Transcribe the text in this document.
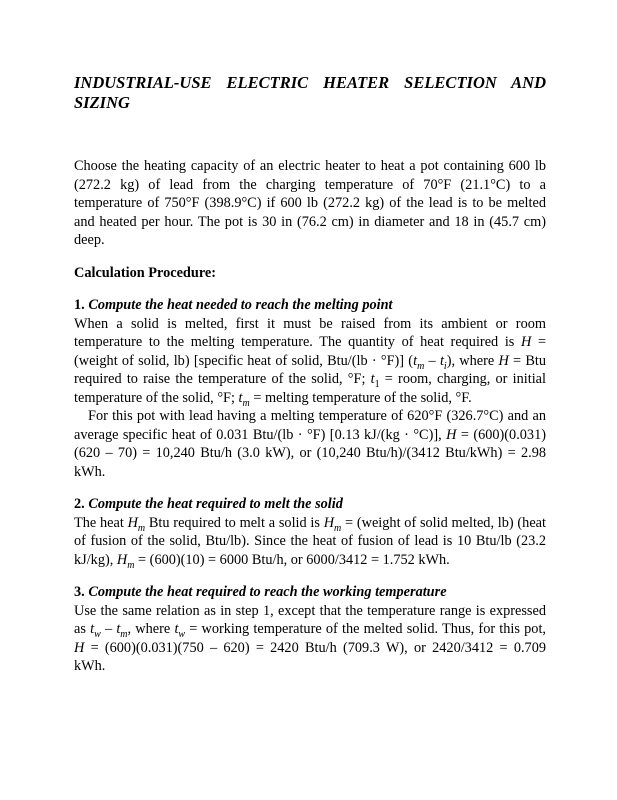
INDUSTRIAL-USE ELECTRIC HEATER SELECTION AND SIZING

Choose the heating capacity of an electric heater to heat a pot containing 600 lb (272.2 kg) of lead from the charging temperature of 70°F (21.1°C) to a temperature of 750°F (398.9°C) if 600 lb (272.2 kg) of the lead is to be melted and heated per hour. The pot is 30 in (76.2 cm) in diameter and 18 in (45.7 cm) deep.

Calculation Procedure:

1. Compute the heat needed to reach the melting point

When a solid is melted, first it must be raised from its ambient or room temperature to the melting temperature. The quantity of heat required is H = (weight of solid, lb) [specific heat of solid, Btu/(lb · °F)] $(t_m - t_i)$, where H = Btu required to raise the temperature of the solid, °F; $t_1$ = room, charging, or initial temperature of the solid, °F; $t_m$ = melting temperature of the solid, °F.

For this pot with lead having a melting temperature of 620°F (326.7°C) and an average specific heat of 0.031 Btu/(lb · °F) [0.13 kJ/(kg · °C)], H = (600)(0.031)(620 – 70) = 10,240 Btu/h (3.0 kW), or (10,240 Btu/h)/(3412 Btu/kWh) = 2.98 kWh.

2. Compute the heat required to melt the solid

The heat $H_m$ Btu required to melt a solid is $H_m$ = (weight of solid melted, lb) (heat of fusion of the solid, Btu/lb). Since the heat of fusion of lead is 10 Btu/lb (23.2 kJ/kg), $H_m = (600)(10) = 6000$ Btu/h, or 6000/3412 = 1.752 kWh.

3. Compute the heat required to reach the working temperature

Use the same relation as in step 1, except that the temperature range is expressed as $t_w - t_m$, where $t_w$ = working temperature of the melted solid. Thus, for this pot, H = (600)(0.031)(750 – 620) = 2420 Btu/h (709.3 W), or 2420/3412 = 0.709 kWh.
